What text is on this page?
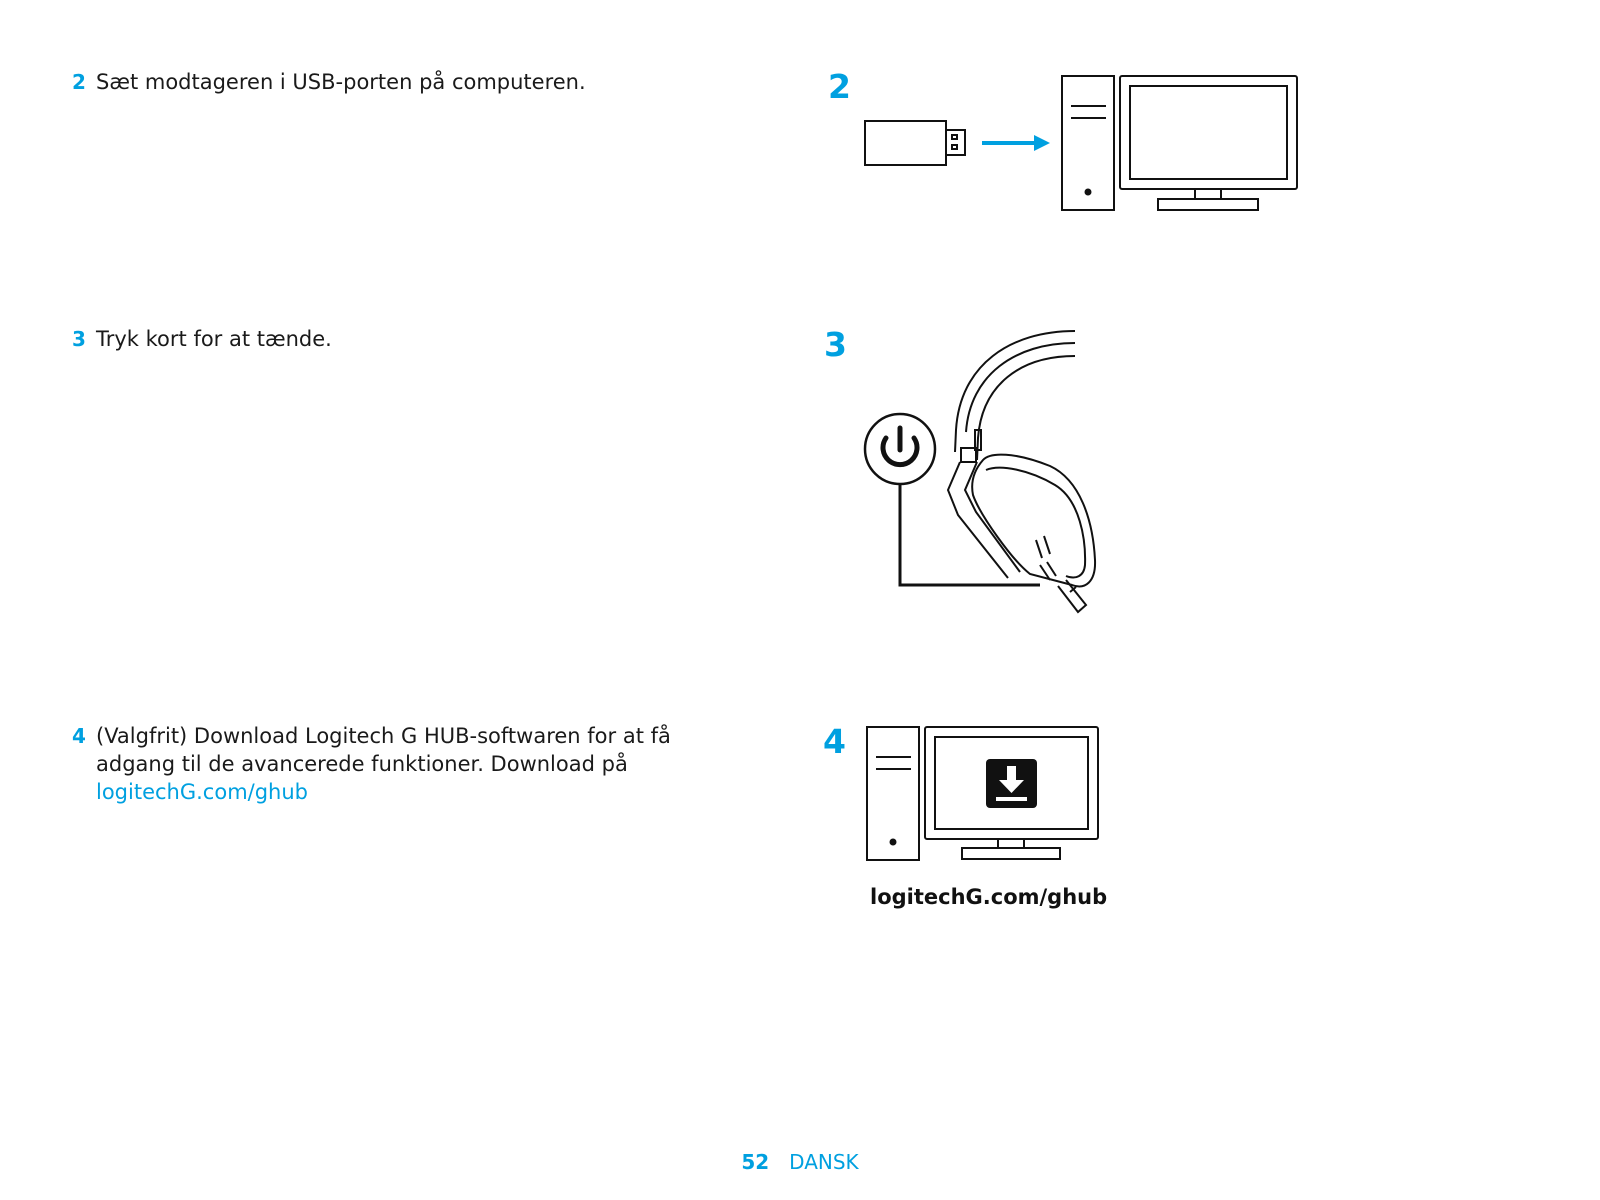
2 Sæt modtageren i USB-porten på computeren.
3 Tryk kort for at tænde.
4 (Valgfrit) Download Logitech G HUB-softwaren for at få adgang til de avancerede funktioner. Download på
logitechG.com/ghub
2
3
4
logitechG.com/ghub
52 DANSK
